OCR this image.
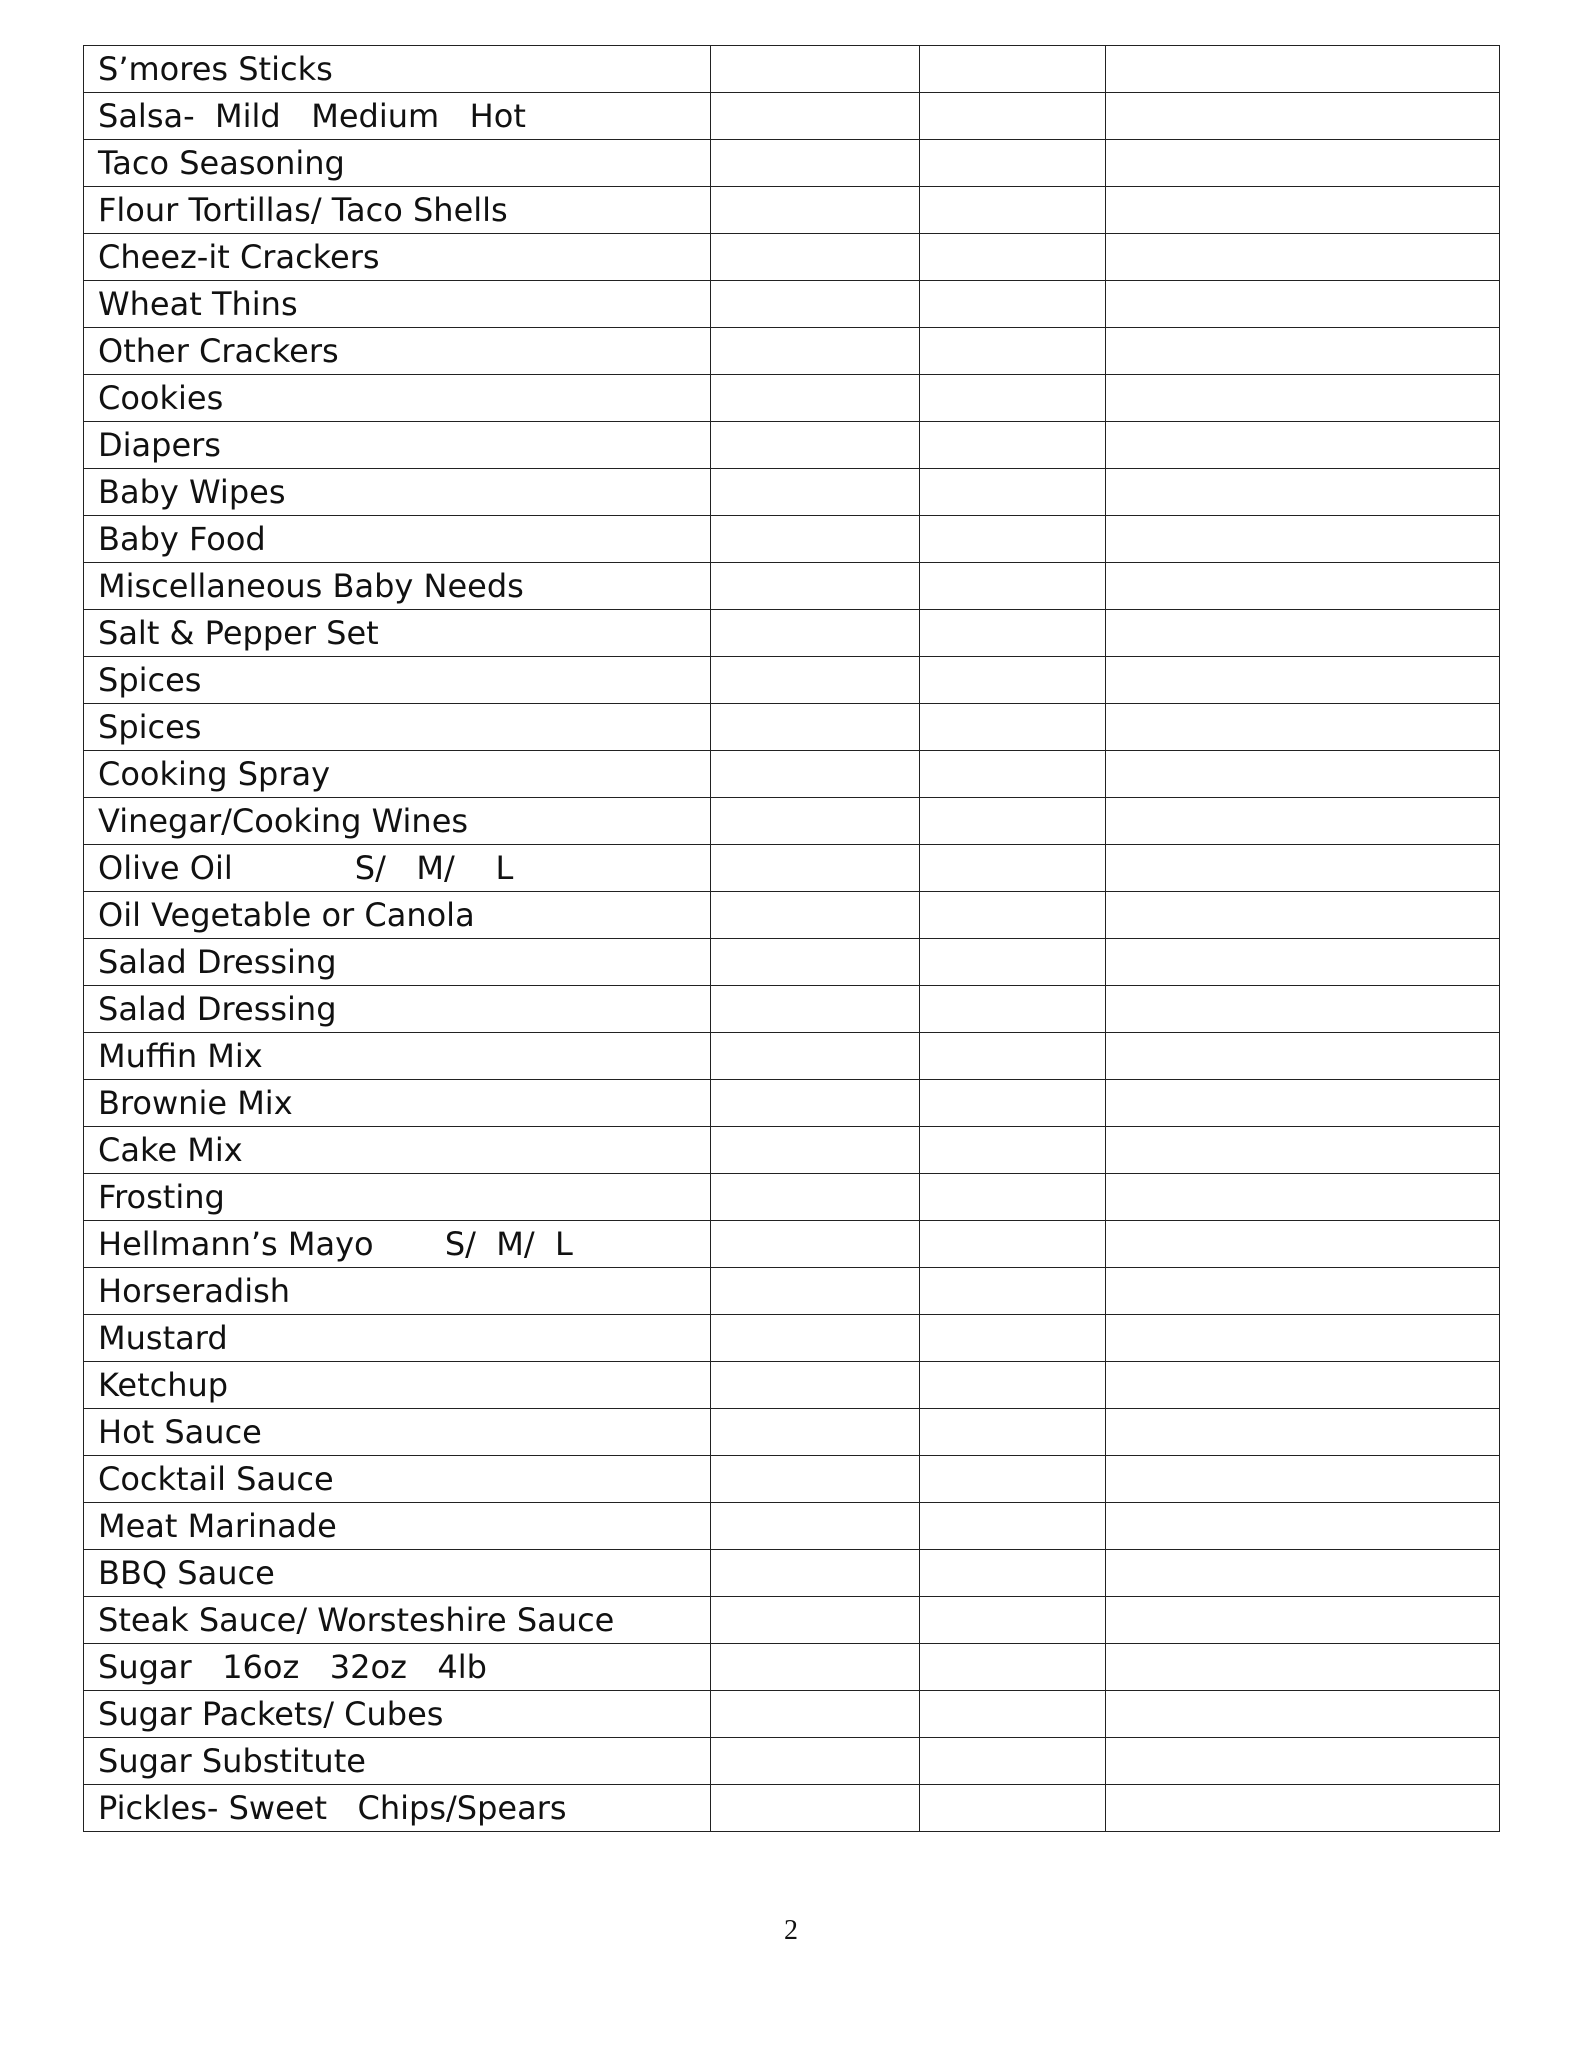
S’mores Sticks			
Salsa-  Mild   Medium   Hot			
Taco Seasoning			
Flour Tortillas/ Taco Shells			
Cheez-it Crackers			
Wheat Thins			
Other Crackers			
Cookies			
Diapers			
Baby Wipes			
Baby Food			
Miscellaneous Baby Needs			
Salt & Pepper Set			
Spices			
Spices			
Cooking Spray			
Vinegar/Cooking Wines			
Olive Oil            S/   M/    L			
Oil Vegetable or Canola			
Salad Dressing			
Salad Dressing			
Muffin Mix			
Brownie Mix			
Cake Mix			
Frosting			
Hellmann’s Mayo       S/  M/  L			
Horseradish			
Mustard			
Ketchup			
Hot Sauce			
Cocktail Sauce			
Meat Marinade			
BBQ Sauce			
Steak Sauce/ Worsteshire Sauce			
Sugar   16oz   32oz   4lb			
Sugar Packets/ Cubes			
Sugar Substitute			
Pickles- Sweet   Chips/Spears			
2
